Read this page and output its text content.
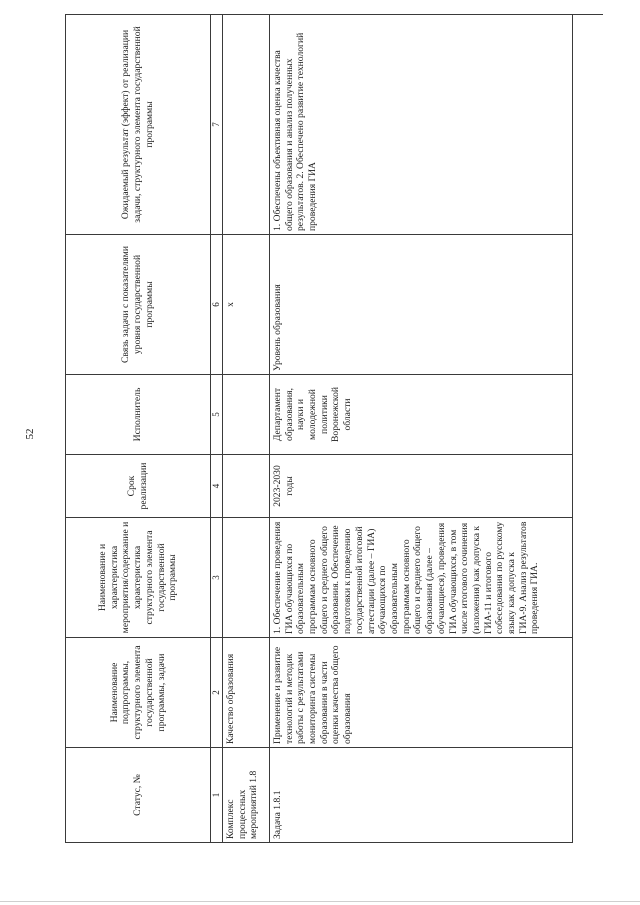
52
Статус, №	Наименование подпрограммы, структурного элемента государственной программы, задачи	Наименование и характеристика мероприятия/содержание и характеристика структурного элемента государственной программы	Срок реализации	Исполнитель	Связь задачи с показателями уровня государственной программы	Ожидаемый результат (эффект) от реализации задачи, структурного элемента государственной программы
1	2	3	4	5	6	7
Комплекс процессных мероприятий 1.8	Качество образования				х	
Задача 1.8.1	Применение и развитие технологий и методик работы с результатами мониторинга системы образования в части оценки качества общего образования	1. Обеспечение проведения ГИА обучающихся по образовательным программам основного общего и среднего общего образования. Обеспечение подготовки к проведению государственной итоговой аттестации (далее – ГИА) обучающихся по образовательным программам основного общего и среднего общего образования (далее – обучающиеся), проведения ГИА обучающихся, в том числе итогового сочинения (изложения) как допуска к ГИА-11 и итогового собеседования по русскому языку как допуска к ГИА-9. Анализ результатов проведения ГИА.	2023-2030 годы	Департамент образования, науки и молодежной политики Воронежской области	Уровень образования	1. Обеспечены объективная оценка качества общего образования и анализ полученных результатов. 2. Обеспечено развитие технологий проведения ГИА
